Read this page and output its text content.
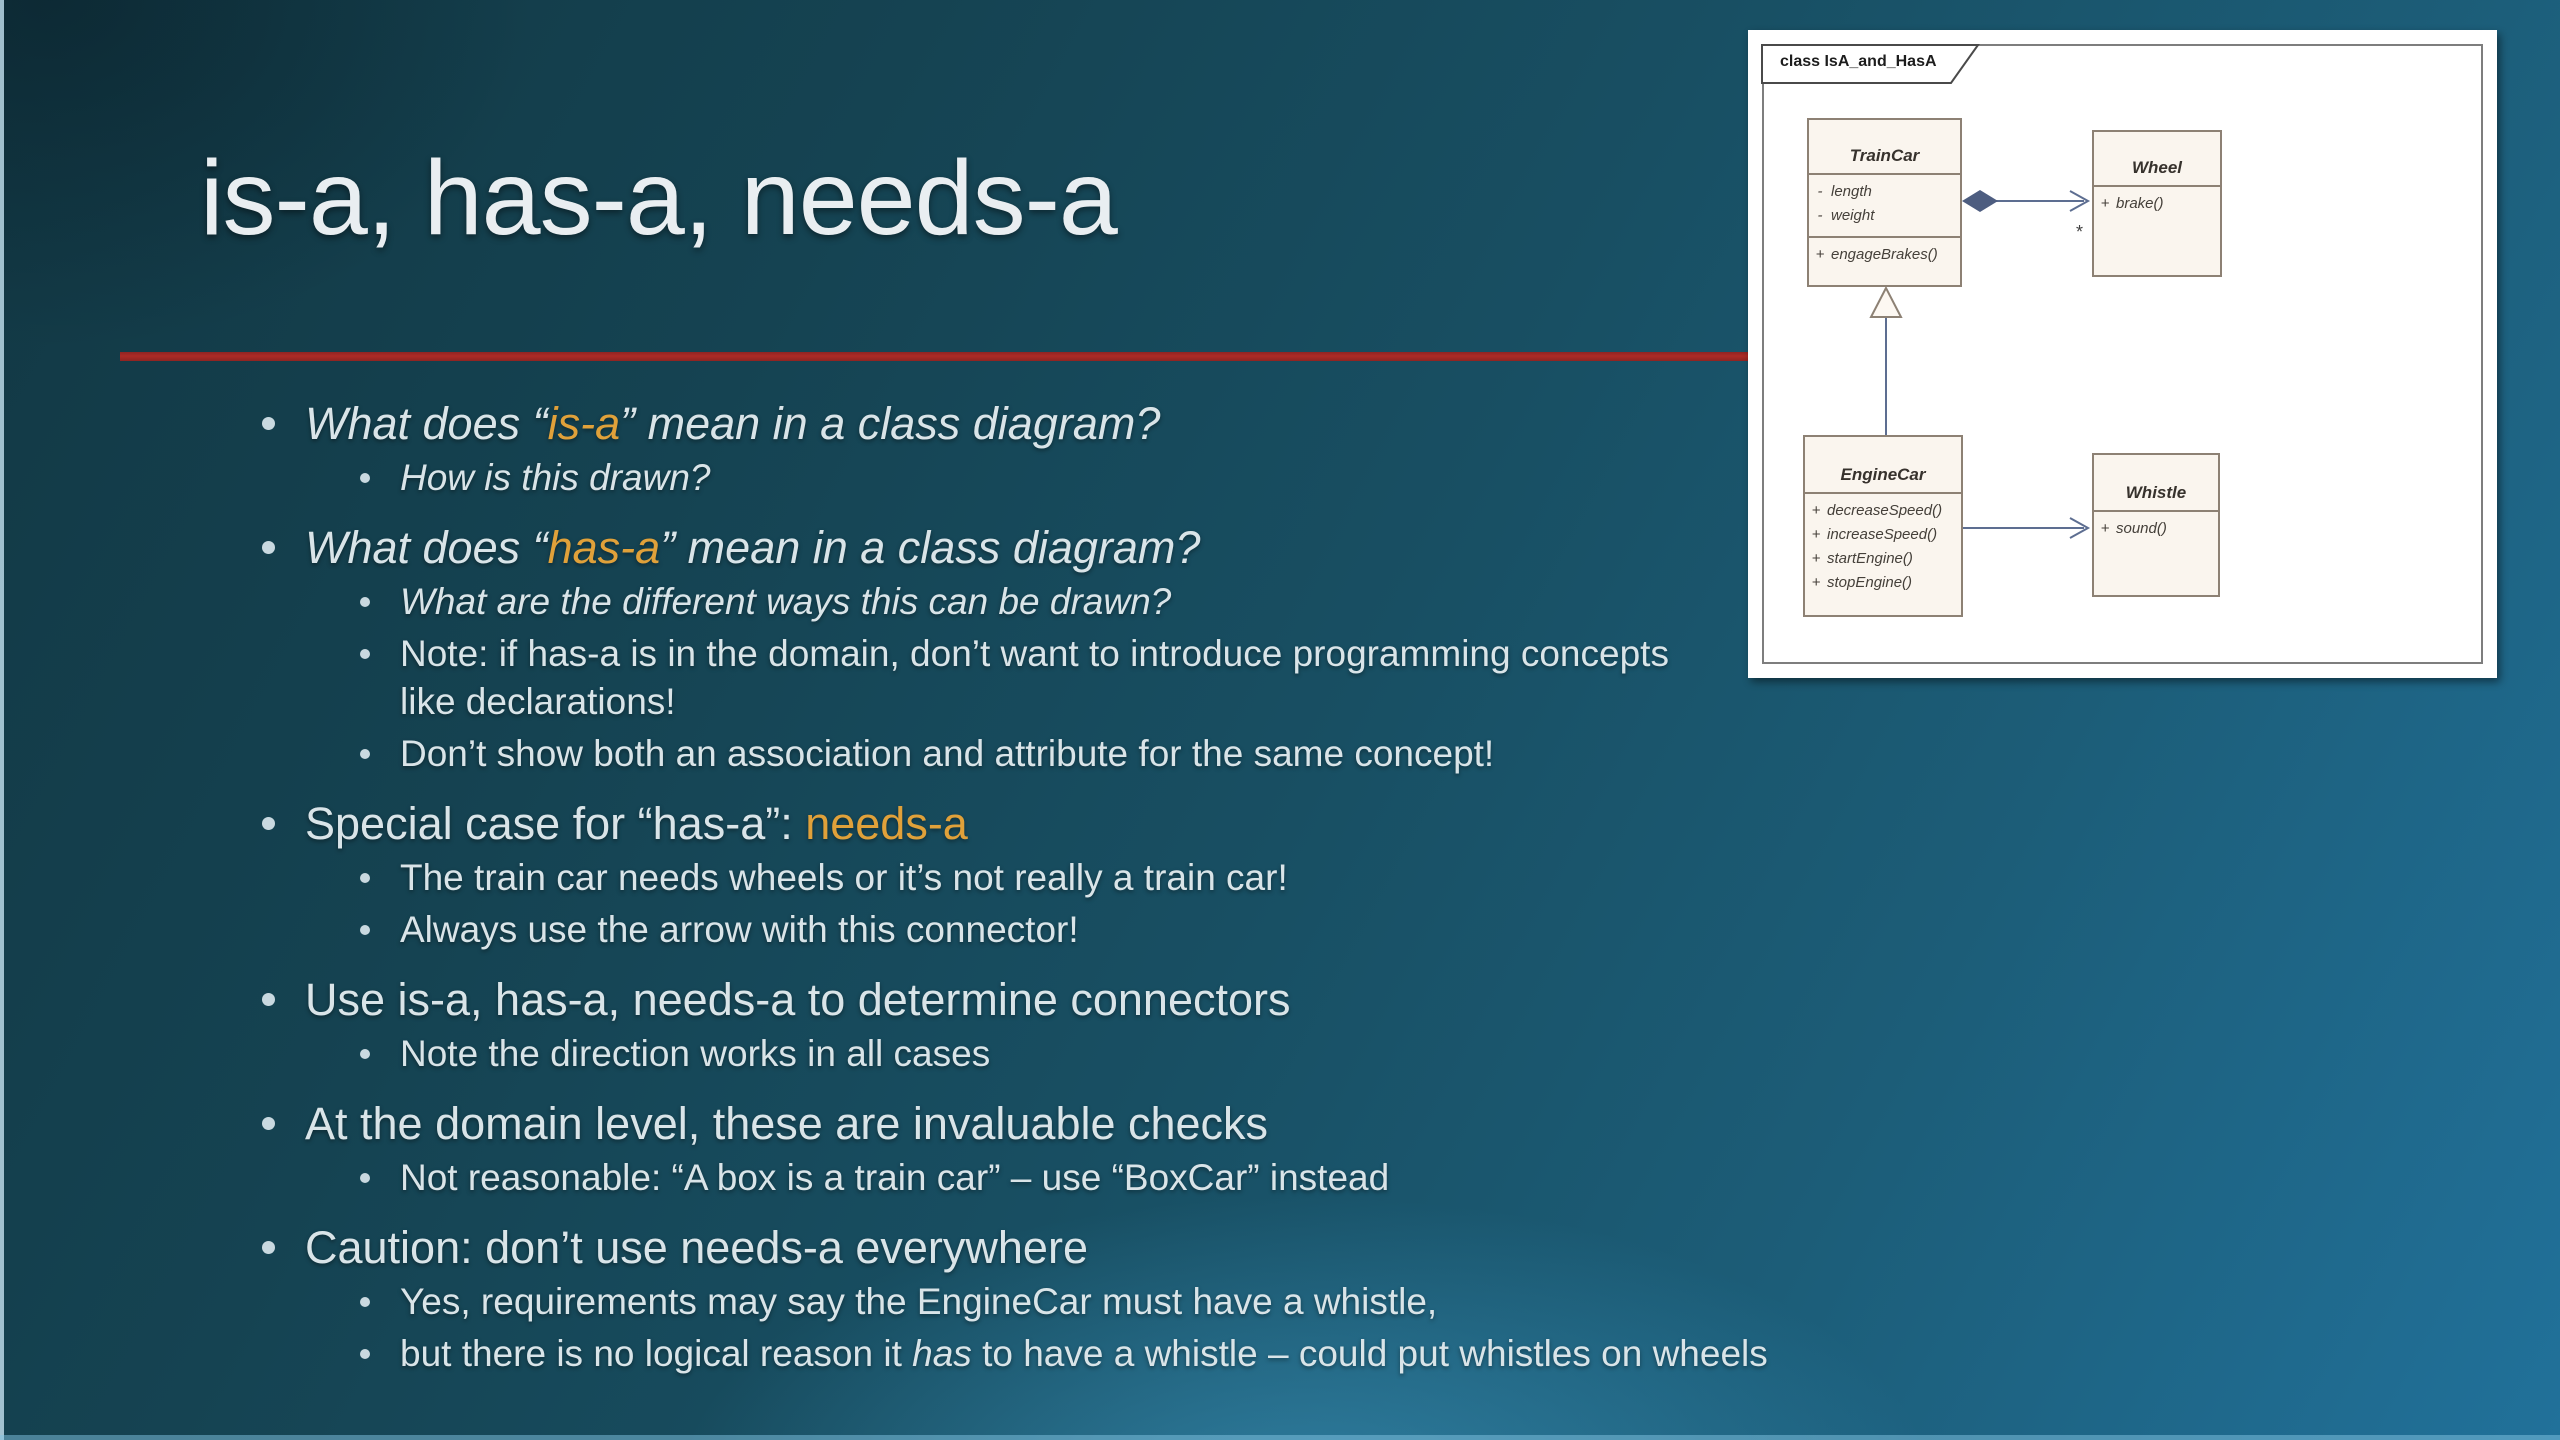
is-a, has-a, needs-a
What does “is-a” mean in a class diagram?
How is this drawn?
What does “has-a” mean in a class diagram?
What are the different ways this can be drawn?
Note: if has-a is in the domain, don’t want to introduce programming concepts like declarations!
Don’t show both an association and attribute for the same concept!
Special case for “has-a”: needs-a
The train car needs wheels or it’s not really a train car!
Always use the arrow with this connector!
Use is-a, has-a, needs-a to determine connectors
Note the direction works in all cases
At the domain level, these are invaluable checks
Not reasonable: “A box is a train car” – use “BoxCar” instead
Caution: don’t use needs-a everywhere
Yes, requirements may say the EngineCar must have a whistle,
but there is no logical reason it has to have a whistle – could put whistles on wheels
*
class IsA_and_HasA
TrainCar
- length
- weight
+ engageBrakes()
Wheel
+ brake()
EngineCar
+ decreaseSpeed()
+ increaseSpeed()
+ startEngine()
+ stopEngine()
Whistle
+ sound()
